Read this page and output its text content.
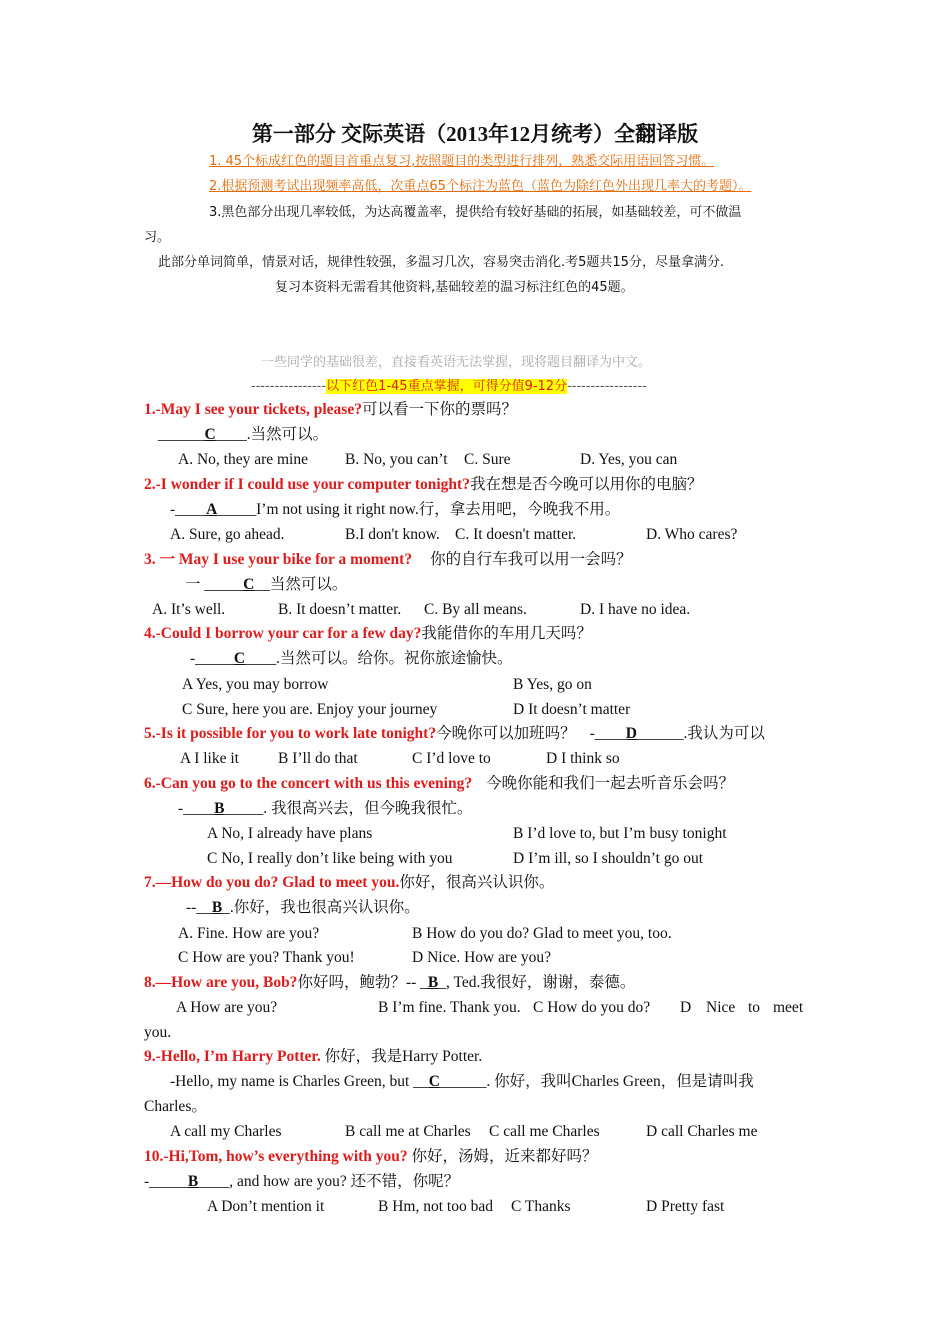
第一部分 交际英语（2013年12月统考）全翻译版
1. 45个标成红色的题目首重点复习,按照题目的类型进行排列，熟悉交际用语回答习惯。
2.根据预测考试出现频率高低，次重点65个标注为蓝色（蓝色为除红色外出现几率大的考题）。
3.黑色部分出现几率较低，为达高覆盖率，提供给有较好基础的拓展，如基础较差，可不做温
习。
此部分单词简单，情景对话，规律性较强，多温习几次，容易突击消化.考5题共15分，尽量拿满分.
复习本资料无需看其他资料,基础较差的温习标注红色的45题。
一些同学的基础很差，直接看英语无法掌握，现将题目翻译为中文。
----------------以下红色1-45重点掌握，可得分值9-12分-----------------
1.-May I see your tickets, please?可以看一下你的票吗？
______C____.当然可以。
A. No, they are mine B. No, you can’t C. Sure	D. Yes, you can
2.-I wonder if I could use your computer tonight?我在想是否今晚可以用你的电脑？
-____A_____I’m not using it right now.行，拿去用吧，今晚我不用。
A. Sure, go ahead.	B.I don't know. C. It doesn't matter.	D. Who cares?
3. 一 May I use your bike for a moment? 你的自行车我可以用一会吗？
一 _____C__当然可以。
A. It’s well.	B. It doesn’t matter. C. By all means.	D. I have no idea.
4.-Could I borrow your car for a few day?我能借你的车用几天吗？
-_____C____.当然可以。给你。祝你旅途愉快。
A Yes, you may borrow	B Yes, go on
C Sure, here you are. Enjoy your journey	D It doesn’t matter
5.-Is it possible for you to work late tonight?今晚你可以加班吗？ -____D______.我认为可以
A I like it	B I’ll do that	C I’d love to	D I think so
6.-Can you go to the concert with us this evening? 今晚你能和我们一起去听音乐会吗？
-____B_____. 我很高兴去，但今晚我很忙。
A No, I already have plans	B I’d love to, but I’m busy tonight
C No, I really don’t like being with you	D I’m ill, so I shouldn’t go out
7.—How do you do? Glad to meet you.你好，很高兴认识你。
--__B_.你好，我也很高兴认识你。
A. Fine. How are you?	B How do you do? Glad to meet you, too.
C How are you? Thank you!	D Nice. How are you?
8.—How are you, Bob?你好吗，鲍勃？-- _B_, Ted.我很好，谢谢，泰德。
A How are you?	B I’m fine. Thank you. C How do you do? D Nice to meet
you.
9.-Hello, I’m Harry Potter. 你好，我是Harry Potter.
-Hello, my name is Charles Green, but __C______. 你好，我叫Charles Green，但是请叫我
Charles。
A call my Charles	B call me at Charles C call me Charles	D call Charles me
10.-Hi,Tom, how’s everything with you? 你好，汤姆，近来都好吗？
-_____B____, and how are you? 还不错，你呢？
A Don’t mention it	B Hm, not too bad C Thanks	D Pretty fast
